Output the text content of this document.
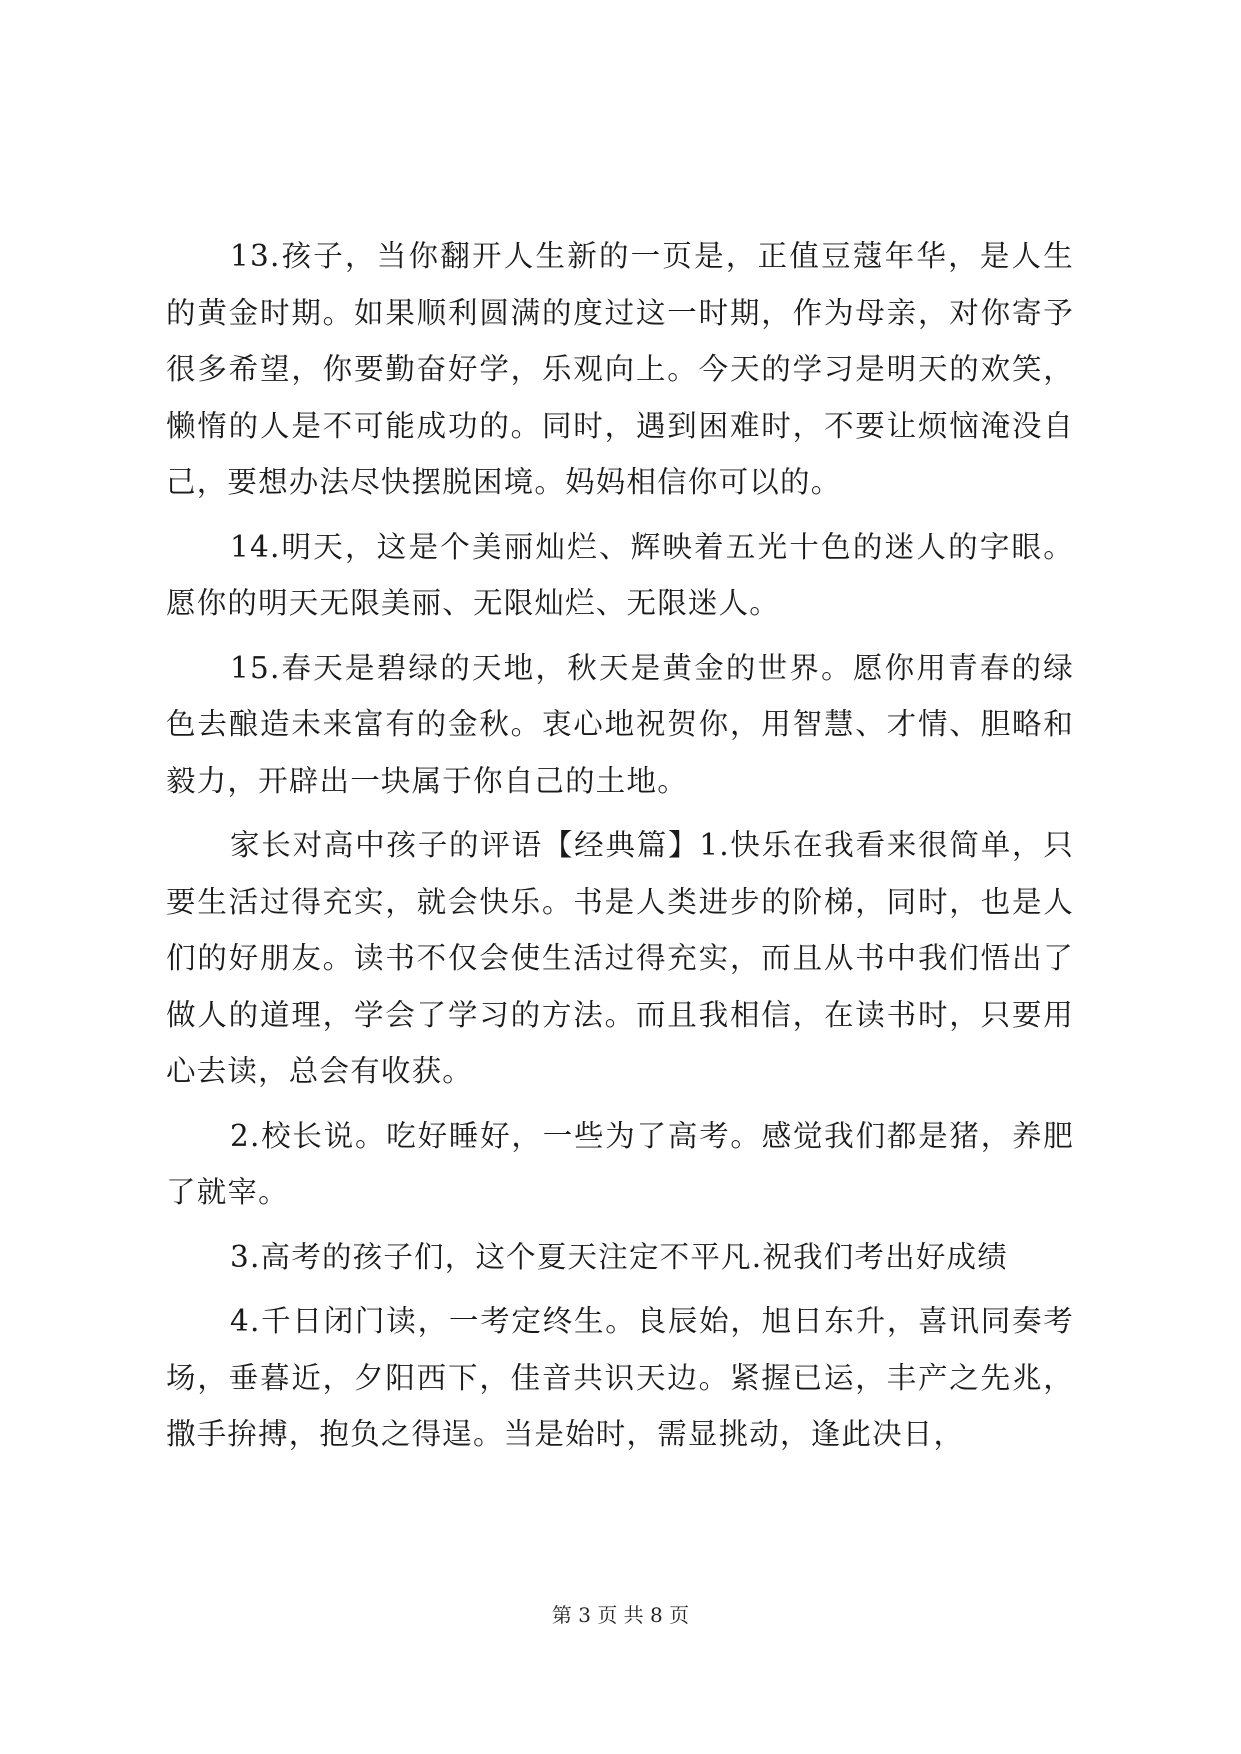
13.孩子，当你翻开人生新的一页是，正值豆蔻年华，是人生的黄金时期。如果顺利圆满的度过这一时期，作为母亲，对你寄予很多希望，你要勤奋好学，乐观向上。今天的学习是明天的欢笑，懒惰的人是不可能成功的。同时，遇到困难时，不要让烦恼淹没自己，要想办法尽快摆脱困境。妈妈相信你可以的。

14.明天，这是个美丽灿烂、辉映着五光十色的迷人的字眼。愿你的明天无限美丽、无限灿烂、无限迷人。

15.春天是碧绿的天地，秋天是黄金的世界。愿你用青春的绿色去酿造未来富有的金秋。衷心地祝贺你，用智慧、才情、胆略和毅力，开辟出一块属于你自己的土地。

家长对高中孩子的评语【经典篇】1.快乐在我看来很简单，只要生活过得充实，就会快乐。书是人类进步的阶梯，同时，也是人们的好朋友。读书不仅会使生活过得充实，而且从书中我们悟出了做人的道理，学会了学习的方法。而且我相信，在读书时，只要用心去读，总会有收获。

2.校长说。吃好睡好，一些为了高考。感觉我们都是猪，养肥了就宰。

3.高考的孩子们，这个夏天注定不平凡.祝我们考出好成绩

4.千日闭门读，一考定终生。良辰始，旭日东升，喜讯同奏考场，垂暮近，夕阳西下，佳音共识天边。紧握已运，丰产之先兆，撒手拚搏，抱负之得逞。当是始时，需显挑动，逢此决日，

第 3 页 共 8 页
